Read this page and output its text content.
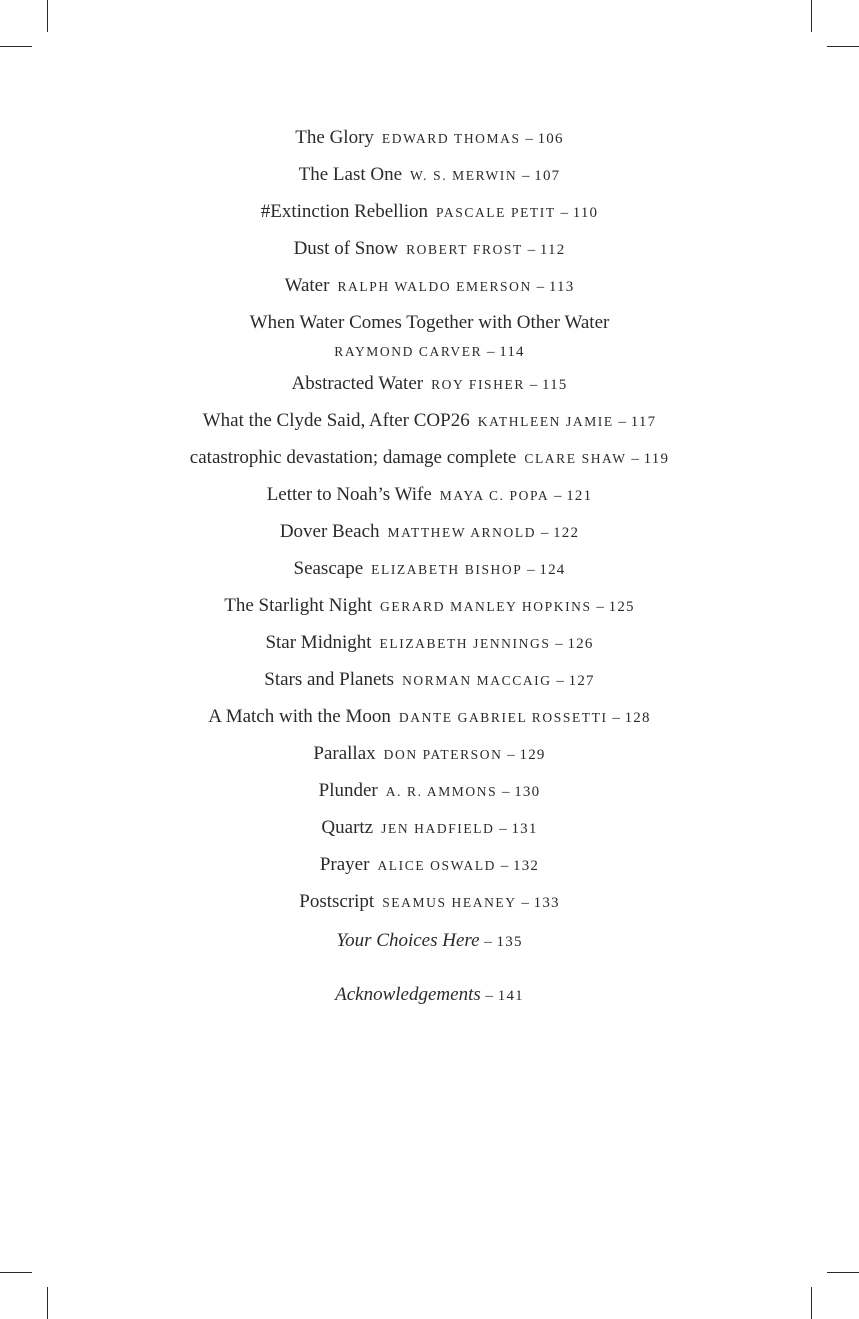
The Glory EDWARD THOMAS – 106
The Last One W. S. MERWIN – 107
#Extinction Rebellion PASCALE PETIT – 110
Dust of Snow ROBERT FROST – 112
Water RALPH WALDO EMERSON – 113
When Water Comes Together with Other Water
RAYMOND CARVER – 114
Abstracted Water ROY FISHER – 115
What the Clyde Said, After COP26 KATHLEEN JAMIE – 117
catastrophic devastation; damage complete CLARE SHAW – 119
Letter to Noah’s Wife MAYA C. POPA – 121
Dover Beach MATTHEW ARNOLD – 122
Seascape ELIZABETH BISHOP – 124
The Starlight Night GERARD MANLEY HOPKINS – 125
Star Midnight ELIZABETH JENNINGS – 126
Stars and Planets NORMAN MACCAIG – 127
A Match with the Moon DANTE GABRIEL ROSSETTI – 128
Parallax DON PATERSON – 129
Plunder A. R. AMMONS – 130
Quartz JEN HADFIELD – 131
Prayer ALICE OSWALD – 132
Postscript SEAMUS HEANEY – 133
Your Choices Here – 135
Acknowledgements – 141
